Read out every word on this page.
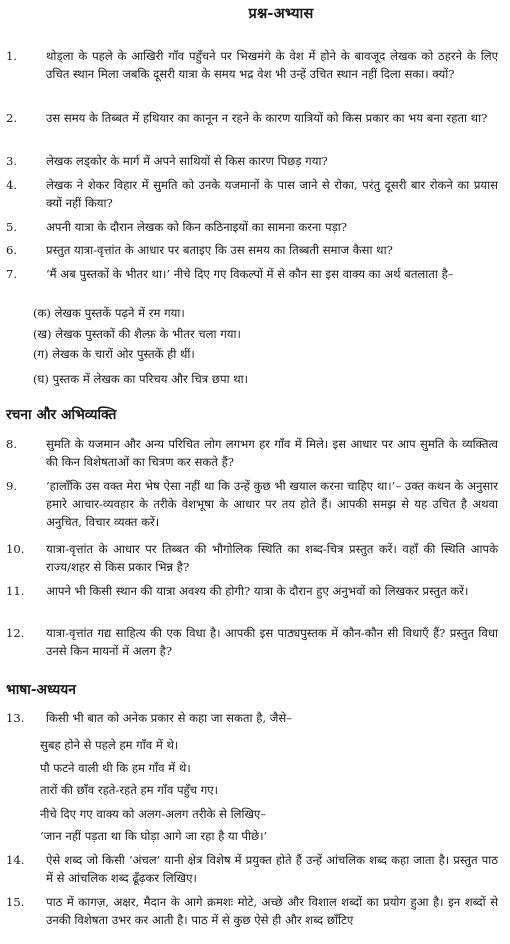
प्रश्न-अभ्यास
1.	थोड्ला के पहले के आखिरी गाँव पहुँचने पर भिखमंगे के वेश में होने के बावजूद लेखक को ठहरने के लिए उचित स्थान मिला जबकि दूसरी यात्रा के समय भद्र वेश भी उन्हें उचित स्थान नहीं दिला सका। क्यों?
2.	उस समय के तिब्बत में हथियार का कानून न रहने के कारण यात्रियों को किस प्रकार का भय बना रहता था?
3.	लेखक लड्कोर के मार्ग में अपने साथियों से किस कारण पिछड़ गया?
4.	लेखक ने शेकर विहार में सुमति को उनके यजमानों के पास जाने से रोका, परंतु दूसरी बार रोकने का प्रयास क्यों नहीं किया?
5.	अपनी यात्रा के दौरान लेखक को किन कठिनाइयों का सामना करना पड़ा?
6.	प्रस्तुत यात्रा-वृत्तांत के आधार पर बताइए कि उस समय का तिब्बती समाज कैसा था?
7.	‘मैं अब पुस्तकों के भीतर था।’ नीचे दिए गए विकल्पों में से कौन सा इस वाक्य का अर्थ बतलाता है–
(क) लेखक पुस्तकें पढ़ने में रम गया।
(ख) लेखक पुस्तकों की शैल्फ़ के भीतर चला गया।
(ग) लेखक के चारों ओर पुस्तकें ही थीं।
(घ) पुस्तक में लेखक का परिचय और चित्र छपा था।
रचना और अभिव्यक्ति
8.	सुमति के यजमान और अन्य परिचित लोग लगभग हर गाँव में मिले। इस आधार पर आप सुमति के व्यक्तित्व की किन विशेषताओं का चित्रण कर सकते हैं?
9.	‘हालाँकि उस वक्त मेरा भेष ऐसा नहीं था कि उन्हें कुछ भी खयाल करना चाहिए था।’– उक्त कथन के अनुसार हमारे आचार-व्यवहार के तरीके वेशभूषा के आधार पर तय होते हैं। आपकी समझ से यह उचित है अथवा अनुचित, विचार व्यक्त करें।
10.	यात्रा-वृत्तांत के आधार पर तिब्बत की भौगोलिक स्थिति का शब्द-चित्र प्रस्तुत करें। वहाँ की स्थिति आपके राज्य/शहर से किस प्रकार भिन्न है?
11.	आपने भी किसी स्थान की यात्रा अवश्य की होगी? यात्रा के दौरान हुए अनुभवों को लिखकर प्रस्तुत करें।
12.	यात्रा-वृत्तांत गद्य साहित्य की एक विधा है। आपकी इस पाठ्यपुस्तक में कौन-कौन सी विधाएँ हैं? प्रस्तुत विधा उनसे किन मायनों में अलग है?
भाषा-अध्ययन
13.	किसी भी बात को अनेक प्रकार से कहा जा सकता है, जैसे–
सुबह होने से पहले हम गाँव में थे।
पौ फटने वाली थी कि हम गाँव में थे।
तारों की छाँव रहते-रहते हम गाँव पहुँच गए।
नीचे दिए गए वाक्य को अलग-अलग तरीके से लिखिए–
‘जान नहीं पड़ता था कि घोड़ा आगे जा रहा है या पीछे।’
14.	ऐसे शब्द जो किसी ‘अंचल’ यानी क्षेत्र विशेष में प्रयुक्त होते हैं उन्हें आंचलिक शब्द कहा जाता है। प्रस्तुत पाठ में से आंचलिक शब्द ढूँढ़कर लिखिए।
15.	पाठ में कागज़, अक्षर, मैदान के आगे क्रमशः मोटे, अच्छे और विशाल शब्दों का प्रयोग हुआ है। इन शब्दों से उनकी विशेषता उभर कर आती है। पाठ में से कुछ ऐसे ही और शब्द छाँटिए
